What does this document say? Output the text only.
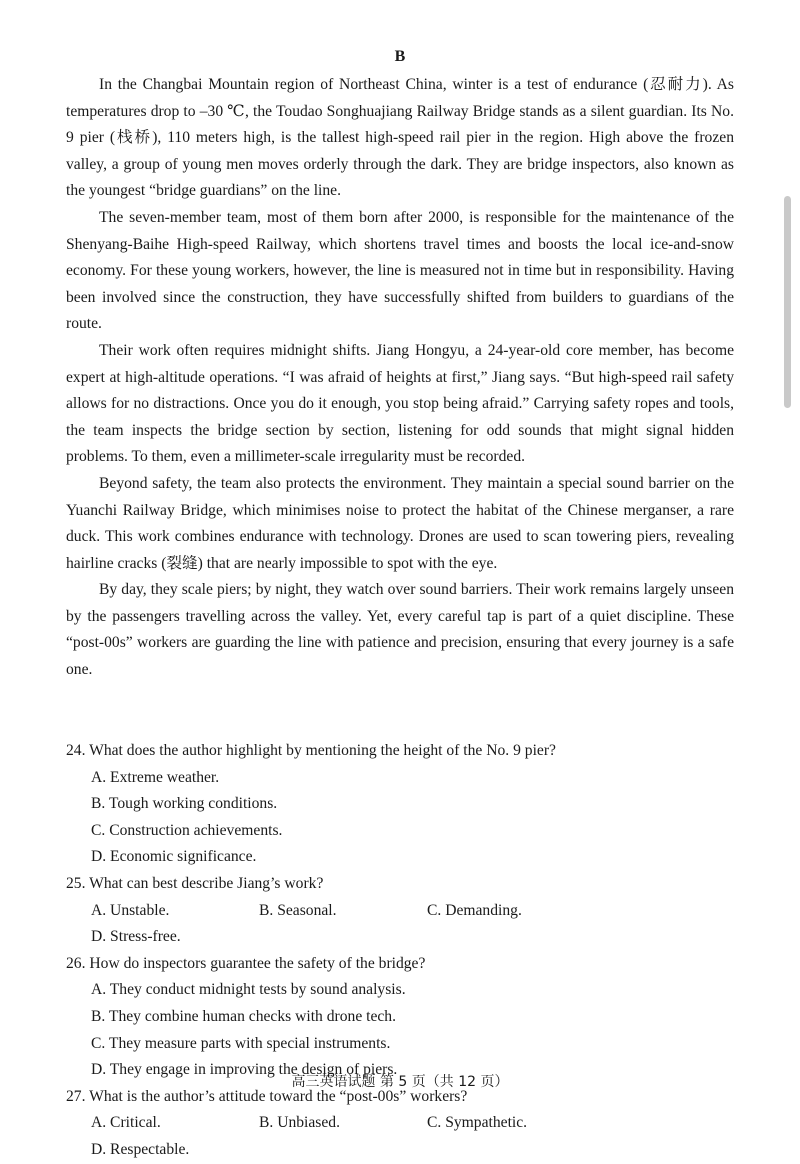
B

In the Changbai Mountain region of Northeast China, winter is a test of endurance (忍耐力). As temperatures drop to –30 ℃, the Toudao Songhuajiang Railway Bridge stands as a silent guardian. Its No. 9 pier (栈桥), 110 meters high, is the tallest high-speed rail pier in the region. High above the frozen valley, a group of young men moves orderly through the dark. They are bridge inspectors, also known as the youngest “bridge guardians” on the line.

The seven-member team, most of them born after 2000, is responsible for the maintenance of the Shenyang-Baihe High-speed Railway, which shortens travel times and boosts the local ice-and-snow economy. For these young workers, however, the line is measured not in time but in responsibility. Having been involved since the construction, they have successfully shifted from builders to guardians of the route.

Their work often requires midnight shifts. Jiang Hongyu, a 24-year-old core member, has become expert at high-altitude operations. “I was afraid of heights at first,” Jiang says. “But high-speed rail safety allows for no distractions. Once you do it enough, you stop being afraid.” Carrying safety ropes and tools, the team inspects the bridge section by section, listening for odd sounds that might signal hidden problems. To them, even a millimeter-scale irregularity must be recorded.

Beyond safety, the team also protects the environment. They maintain a special sound barrier on the Yuanchi Railway Bridge, which minimises noise to protect the habitat of the Chinese merganser, a rare duck. This work combines endurance with technology. Drones are used to scan towering piers, revealing hairline cracks (裂缝) that are nearly impossible to spot with the eye.

By day, they scale piers; by night, they watch over sound barriers. Their work remains largely unseen by the passengers travelling across the valley. Yet, every careful tap is part of a quiet discipline. These “post-00s” workers are guarding the line with patience and precision, ensuring that every journey is a safe one.

24. What does the author highlight by mentioning the height of the No. 9 pier?

A. Extreme weather.
B. Tough working conditions.
C. Construction achievements.
D. Economic significance.

25. What can best describe Jiang’s work?

A. Unstable.	B. Seasonal.	C. Demanding.
D. Stress-free.

26. How do inspectors guarantee the safety of the bridge?

A. They conduct midnight tests by sound analysis.
B. They combine human checks with drone tech.
C. They measure parts with special instruments.
D. They engage in improving the design of piers.

27. What is the author’s attitude toward the “post-00s” workers?

A. Critical.	B. Unbiased.	C. Sympathetic.
D. Respectable.
高三英语试题 第 5 页（共 12 页）
